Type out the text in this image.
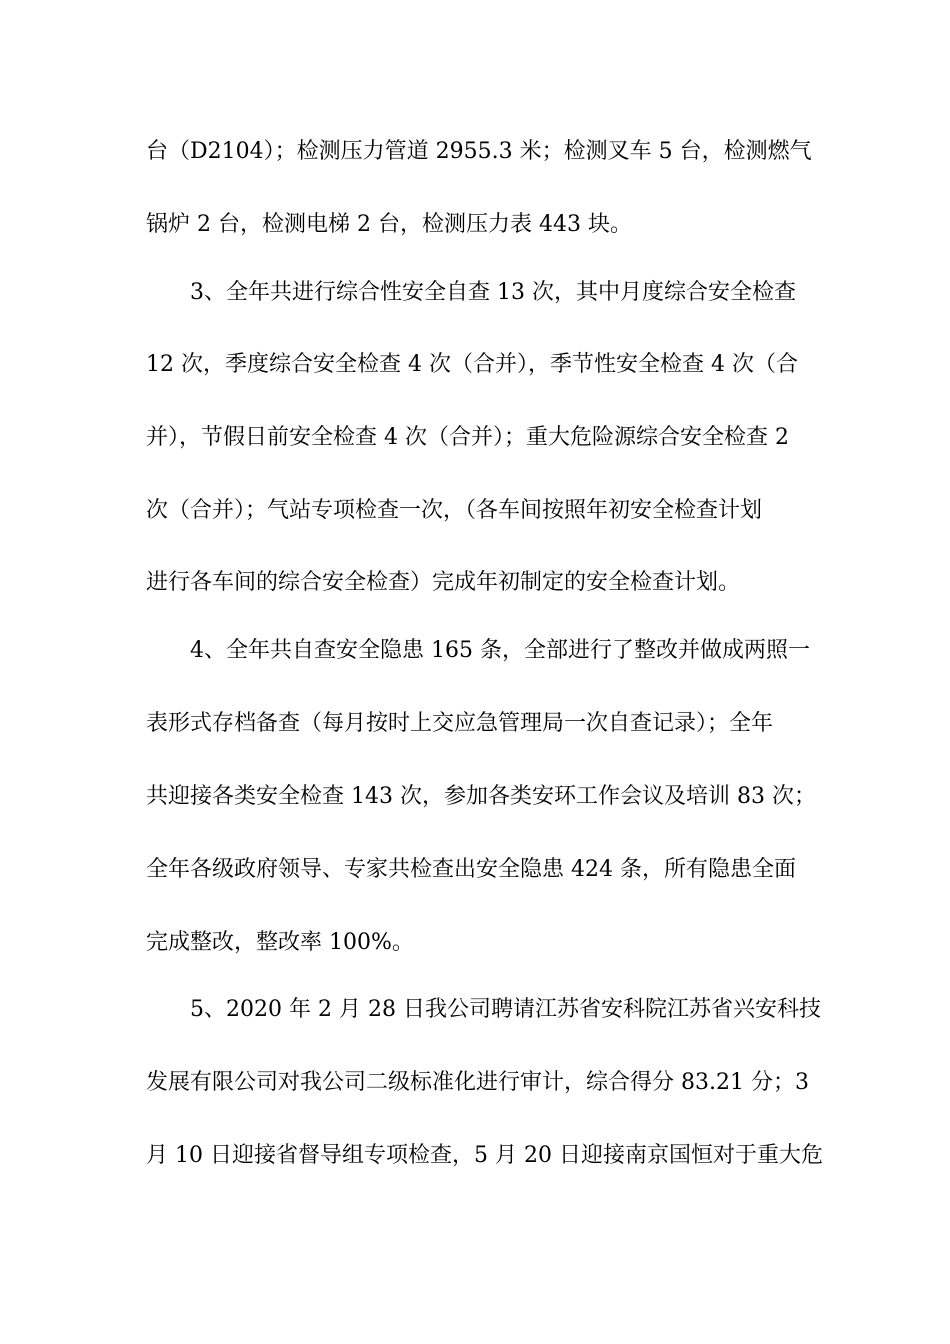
台（D2104）；检测压力管道 2955.3 米；检测叉车 5 台，检测燃气
锅炉 2 台，检测电梯 2 台，检测压力表 443 块。
3、全年共进行综合性安全自查 13 次，其中月度综合安全检查
12 次，季度综合安全检查 4 次（合并），季节性安全检查 4 次（合
并），节假日前安全检查 4 次（合并）；重大危险源综合安全检查 2
次（合并）；气站专项检查一次，（各车间按照年初安全检查计划
进行各车间的综合安全检查）完成年初制定的安全检查计划。
4、全年共自查安全隐患 165 条，全部进行了整改并做成两照一
表形式存档备查（每月按时上交应急管理局一次自查记录）；全年
共迎接各类安全检查 143 次，参加各类安环工作会议及培训 83 次；
全年各级政府领导、专家共检查出安全隐患 424 条，所有隐患全面
完成整改，整改率 100%。
5、2020 年 2 月 28 日我公司聘请江苏省安科院江苏省兴安科技
发展有限公司对我公司二级标准化进行审计，综合得分 83.21 分；3
月 10 日迎接省督导组专项检查，5 月 20 日迎接南京国恒对于重大危
